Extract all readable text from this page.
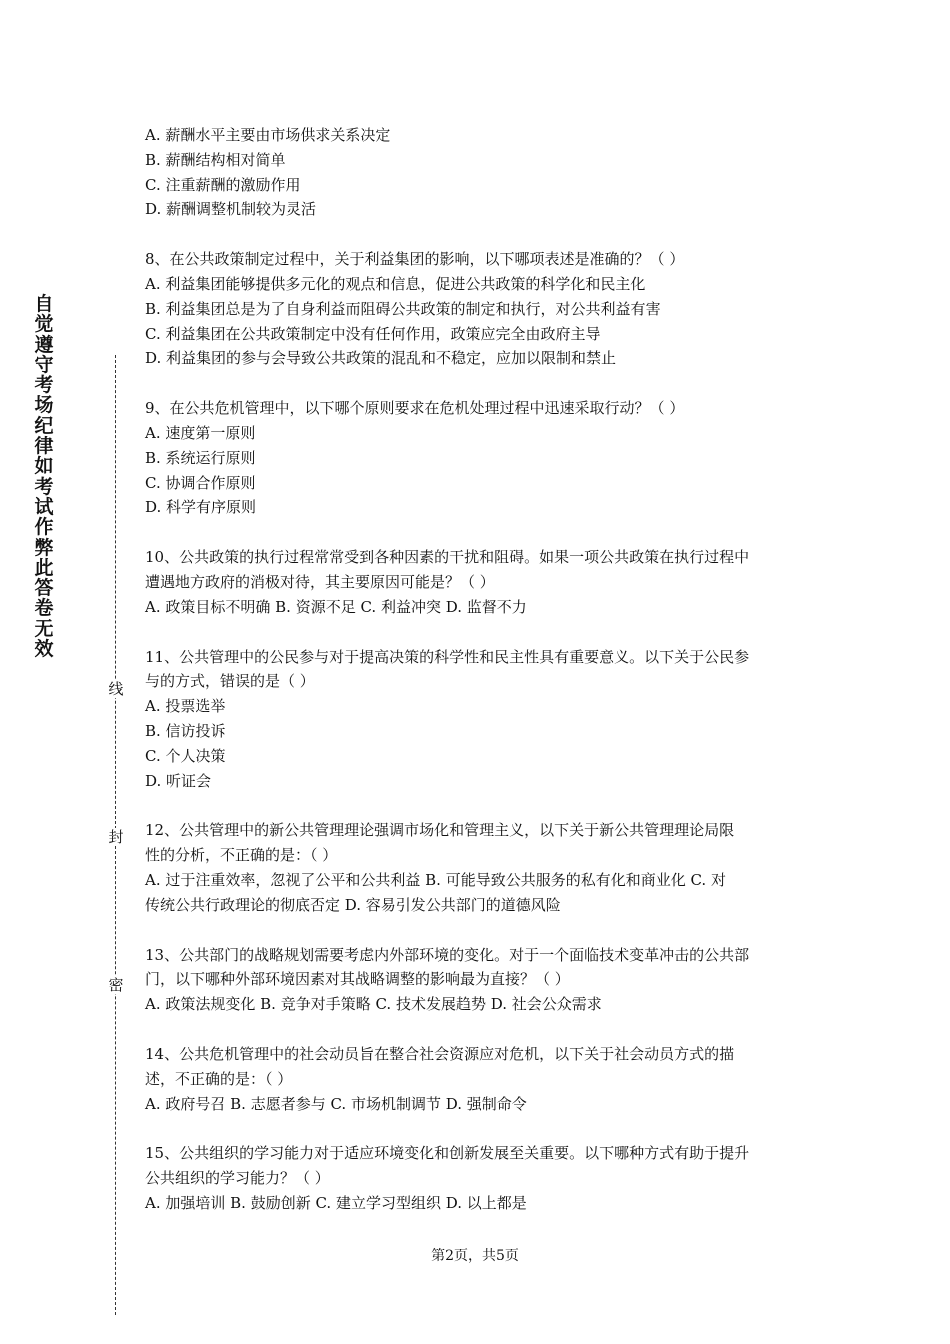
自
觉
遵
守
考
场
纪
律
如
考
试
作
弊
此
答
卷
无
效
线
封
密
A. 薪酬水平主要由市场供求关系决定
B. 薪酬结构相对简单
C. 注重薪酬的激励作用
D. 薪酬调整机制较为灵活
8、在公共政策制定过程中，关于利益集团的影响，以下哪项表述是准确的？（ ）
A. 利益集团能够提供多元化的观点和信息，促进公共政策的科学化和民主化
B. 利益集团总是为了自身利益而阻碍公共政策的制定和执行，对公共利益有害
C. 利益集团在公共政策制定中没有任何作用，政策应完全由政府主导
D. 利益集团的参与会导致公共政策的混乱和不稳定，应加以限制和禁止
9、在公共危机管理中，以下哪个原则要求在危机处理过程中迅速采取行动？（ ）
A. 速度第一原则
B. 系统运行原则
C. 协调合作原则
D. 科学有序原则
10、公共政策的执行过程常常受到各种因素的干扰和阻碍。如果一项公共政策在执行过程中
遭遇地方政府的消极对待，其主要原因可能是？（ ）
A. 政策目标不明确 B. 资源不足 C. 利益冲突 D. 监督不力
11、公共管理中的公民参与对于提高决策的科学性和民主性具有重要意义。以下关于公民参
与的方式，错误的是（ ）
A. 投票选举
B. 信访投诉
C. 个人决策
D. 听证会
12、公共管理中的新公共管理理论强调市场化和管理主义，以下关于新公共管理理论局限
性的分析，不正确的是：（ ）
A. 过于注重效率，忽视了公平和公共利益 B. 可能导致公共服务的私有化和商业化 C. 对
传统公共行政理论的彻底否定 D. 容易引发公共部门的道德风险
13、公共部门的战略规划需要考虑内外部环境的变化。对于一个面临技术变革冲击的公共部
门，以下哪种外部环境因素对其战略调整的影响最为直接？（ ）
A. 政策法规变化 B. 竞争对手策略 C. 技术发展趋势 D. 社会公众需求
14、公共危机管理中的社会动员旨在整合社会资源应对危机，以下关于社会动员方式的描
述，不正确的是：（ ）
A. 政府号召 B. 志愿者参与 C. 市场机制调节 D. 强制命令
15、公共组织的学习能力对于适应环境变化和创新发展至关重要。以下哪种方式有助于提升
公共组织的学习能力？（ ）
A. 加强培训 B. 鼓励创新 C. 建立学习型组织 D. 以上都是
第2页，共5页
